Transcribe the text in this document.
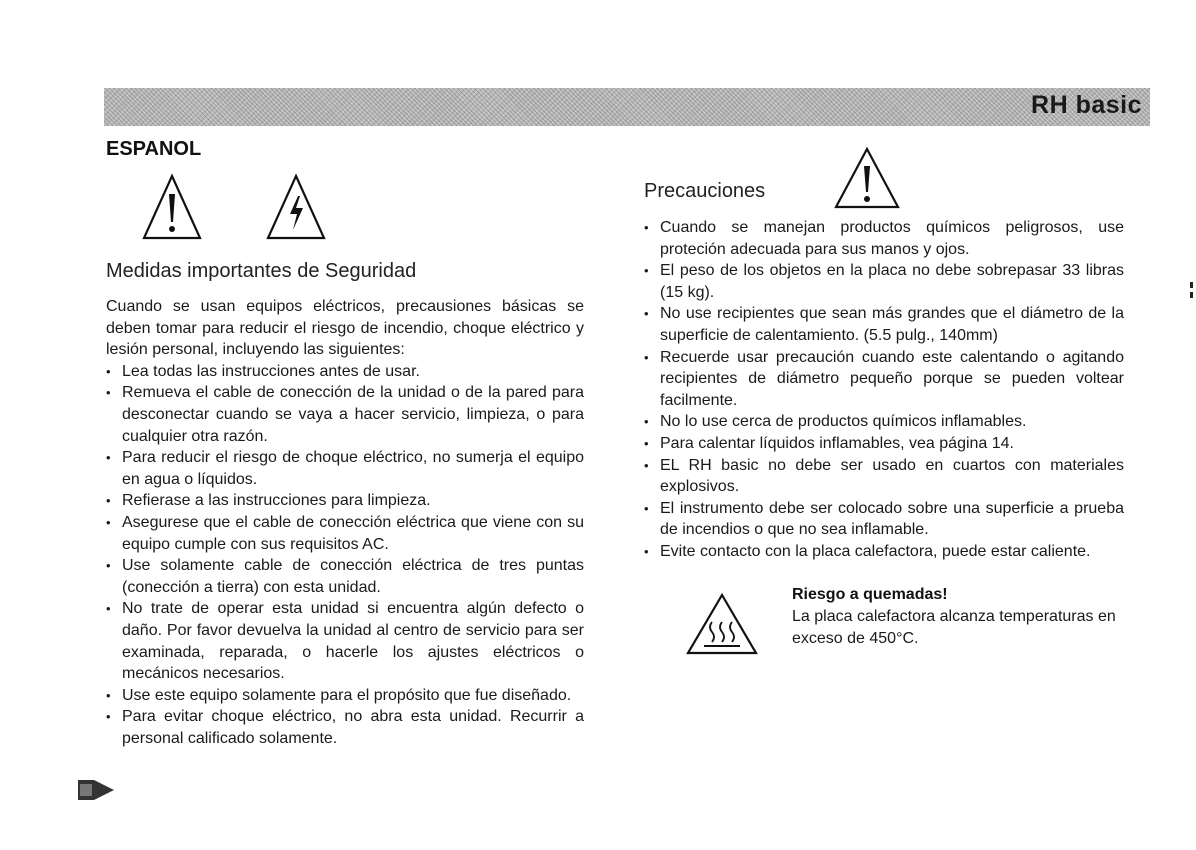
RH basic
ESPANOL
Medidas importantes de Seguridad

Cuando se usan equipos eléctricos, precausiones básicas se deben tomar para reducir el riesgo de incendio, choque eléctrico y lesión personal, incluyendo las siguientes:

• Lea todas las instrucciones antes de usar.
• Remueva el cable de conección de la unidad o de la pared para desconectar cuando se vaya a hacer servicio, limpieza, o para cualquier otra razón.
• Para reducir el riesgo de choque eléctrico, no sumerja el equipo en agua o líquidos.
• Refierase a las instrucciones para limpieza.
• Asegurese que el cable de conección eléctrica que viene con su equipo cumple con sus requisitos AC.
• Use solamente cable de conección eléctrica de tres puntas (conección a tierra) con esta unidad.
• No trate de operar esta unidad si encuentra algún defecto o daño. Por favor devuelva la unidad al centro de servicio para ser examinada, reparada, o hacerle los ajustes eléctricos o mecánicos necesarios.
• Use este equipo solamente para el propósito que fue diseñado.
• Para evitar choque eléctrico, no abra esta unidad. Recurrir a personal calificado solamente.
Precauciones
• Cuando se manejan productos químicos peligrosos, use proteción adecuada para sus manos y ojos.
• El peso de los objetos en la placa no debe sobrepasar 33 libras (15 kg).
• No use recipientes que sean más grandes que el diámetro de la superficie de calentamiento. (5.5 pulg., 140mm)
• Recuerde usar precaución cuando este calentando o agitando recipientes de diámetro pequeño porque se pueden voltear facilmente.
• No lo use cerca de productos químicos inflamables.
• Para calentar líquidos inflamables, vea página 14.
• EL RH basic no debe ser usado en cuartos con materiales explosivos.
• El instrumento debe ser colocado sobre una superficie a prueba de incendios o que no sea inflamable.
• Evite contacto con la placa calefactora, puede estar caliente.
Riesgo a quemadas!
La placa calefactora alcanza temperaturas en exceso de 450°C.
